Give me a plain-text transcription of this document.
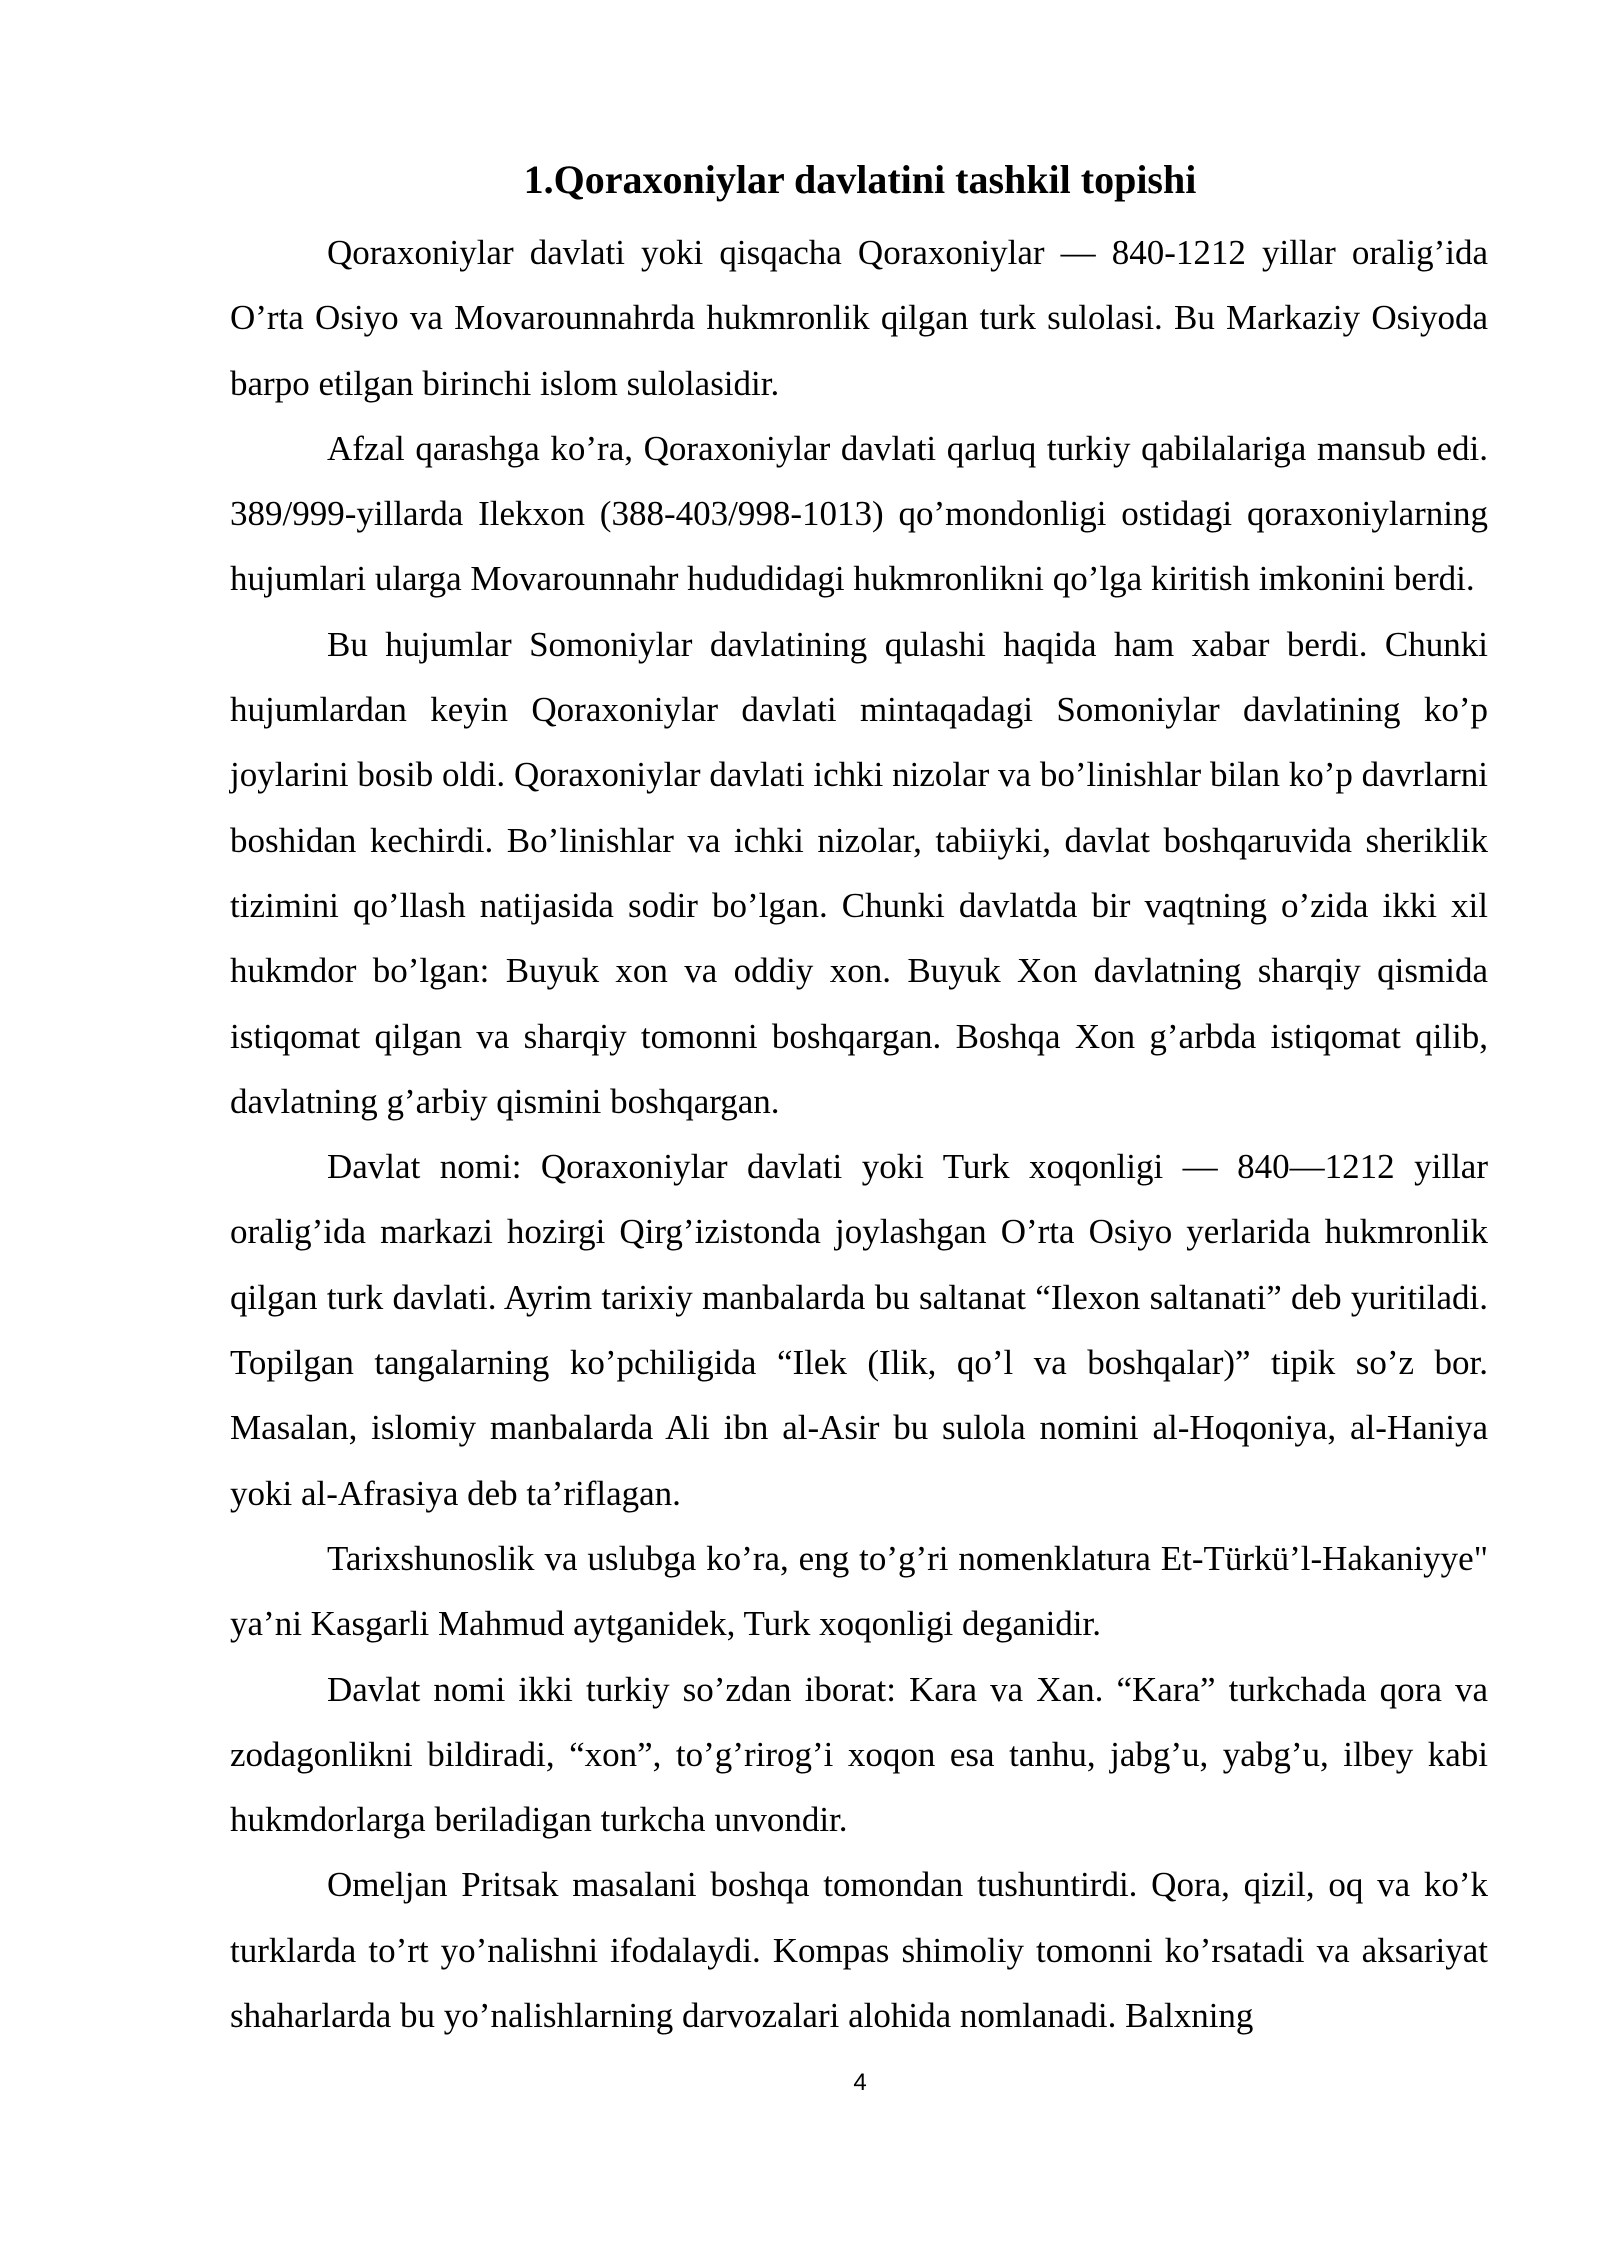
1.Qoraxoniylar davlatini tashkil topishi

Qoraxoniylar davlati yoki qisqacha Qoraxoniylar — 840-1212 yillar oralig’ida O’rta Osiyo va Movarounnahrda hukmronlik qilgan turk sulolasi. Bu Markaziy Osiyoda barpo etilgan birinchi islom sulolasidir.

Afzal qarashga ko’ra, Qoraxoniylar davlati qarluq turkiy qabilalariga mansub edi. 389/999-yillarda Ilekxon (388-403/998-1013) qo’mondonligi ostidagi qoraxoniylarning hujumlari ularga Movarounnahr hududidagi hukmronlikni qo’lga kiritish imkonini berdi.

Bu hujumlar Somoniylar davlatining qulashi haqida ham xabar berdi. Chunki hujumlardan keyin Qoraxoniylar davlati mintaqadagi Somoniylar davlatining ko’p joylarini bosib oldi. Qoraxoniylar davlati ichki nizolar va bo’linishlar bilan ko’p davrlarni boshidan kechirdi. Bo’linishlar va ichki nizolar, tabiiyki, davlat boshqaruvida sheriklik tizimini qo’llash natijasida sodir bo’lgan. Chunki davlatda bir vaqtning o’zida ikki xil hukmdor bo’lgan: Buyuk xon va oddiy xon. Buyuk Xon davlatning sharqiy qismida istiqomat qilgan va sharqiy tomonni boshqargan. Boshqa Xon g’arbda istiqomat qilib, davlatning g’arbiy qismini boshqargan.

Davlat nomi: Qoraxoniylar davlati yoki Turk xoqonligi — 840—1212 yillar oralig’ida markazi hozirgi Qirg’izistonda joylashgan O’rta Osiyo yerlarida hukmronlik qilgan turk davlati. Ayrim tarixiy manbalarda bu saltanat “Ilexon saltanati” deb yuritiladi. Topilgan tangalarning ko’pchiligida “Ilek (Ilik, qo’l va boshqalar)” tipik so’z bor. Masalan, islomiy manbalarda Ali ibn al-Asir bu sulola nomini al-Hoqoniya, al-Haniya yoki al-Afrasiya deb ta’riflagan.

Tarixshunoslik va uslubga ko’ra, eng to’g’ri nomenklatura Et-Türkü’l-Hakaniyye" ya’ni Kasgarli Mahmud aytganidek, Turk xoqonligi deganidir.

Davlat nomi ikki turkiy so’zdan iborat: Kara va Xan. “Kara” turkchada qora va zodagonlikni bildiradi, “xon”, to’g’rirog’i xoqon esa tanhu, jabg’u, yabg’u, ilbey kabi hukmdorlarga beriladigan turkcha unvondir.

Omeljan Pritsak masalani boshqa tomondan tushuntirdi. Qora, qizil, oq va ko’k turklarda to’rt yo’nalishni ifodalaydi. Kompas shimoliy tomonni ko’rsatadi va aksariyat shaharlarda bu yo’nalishlarning darvozalari alohida nomlanadi. Balxning

4
